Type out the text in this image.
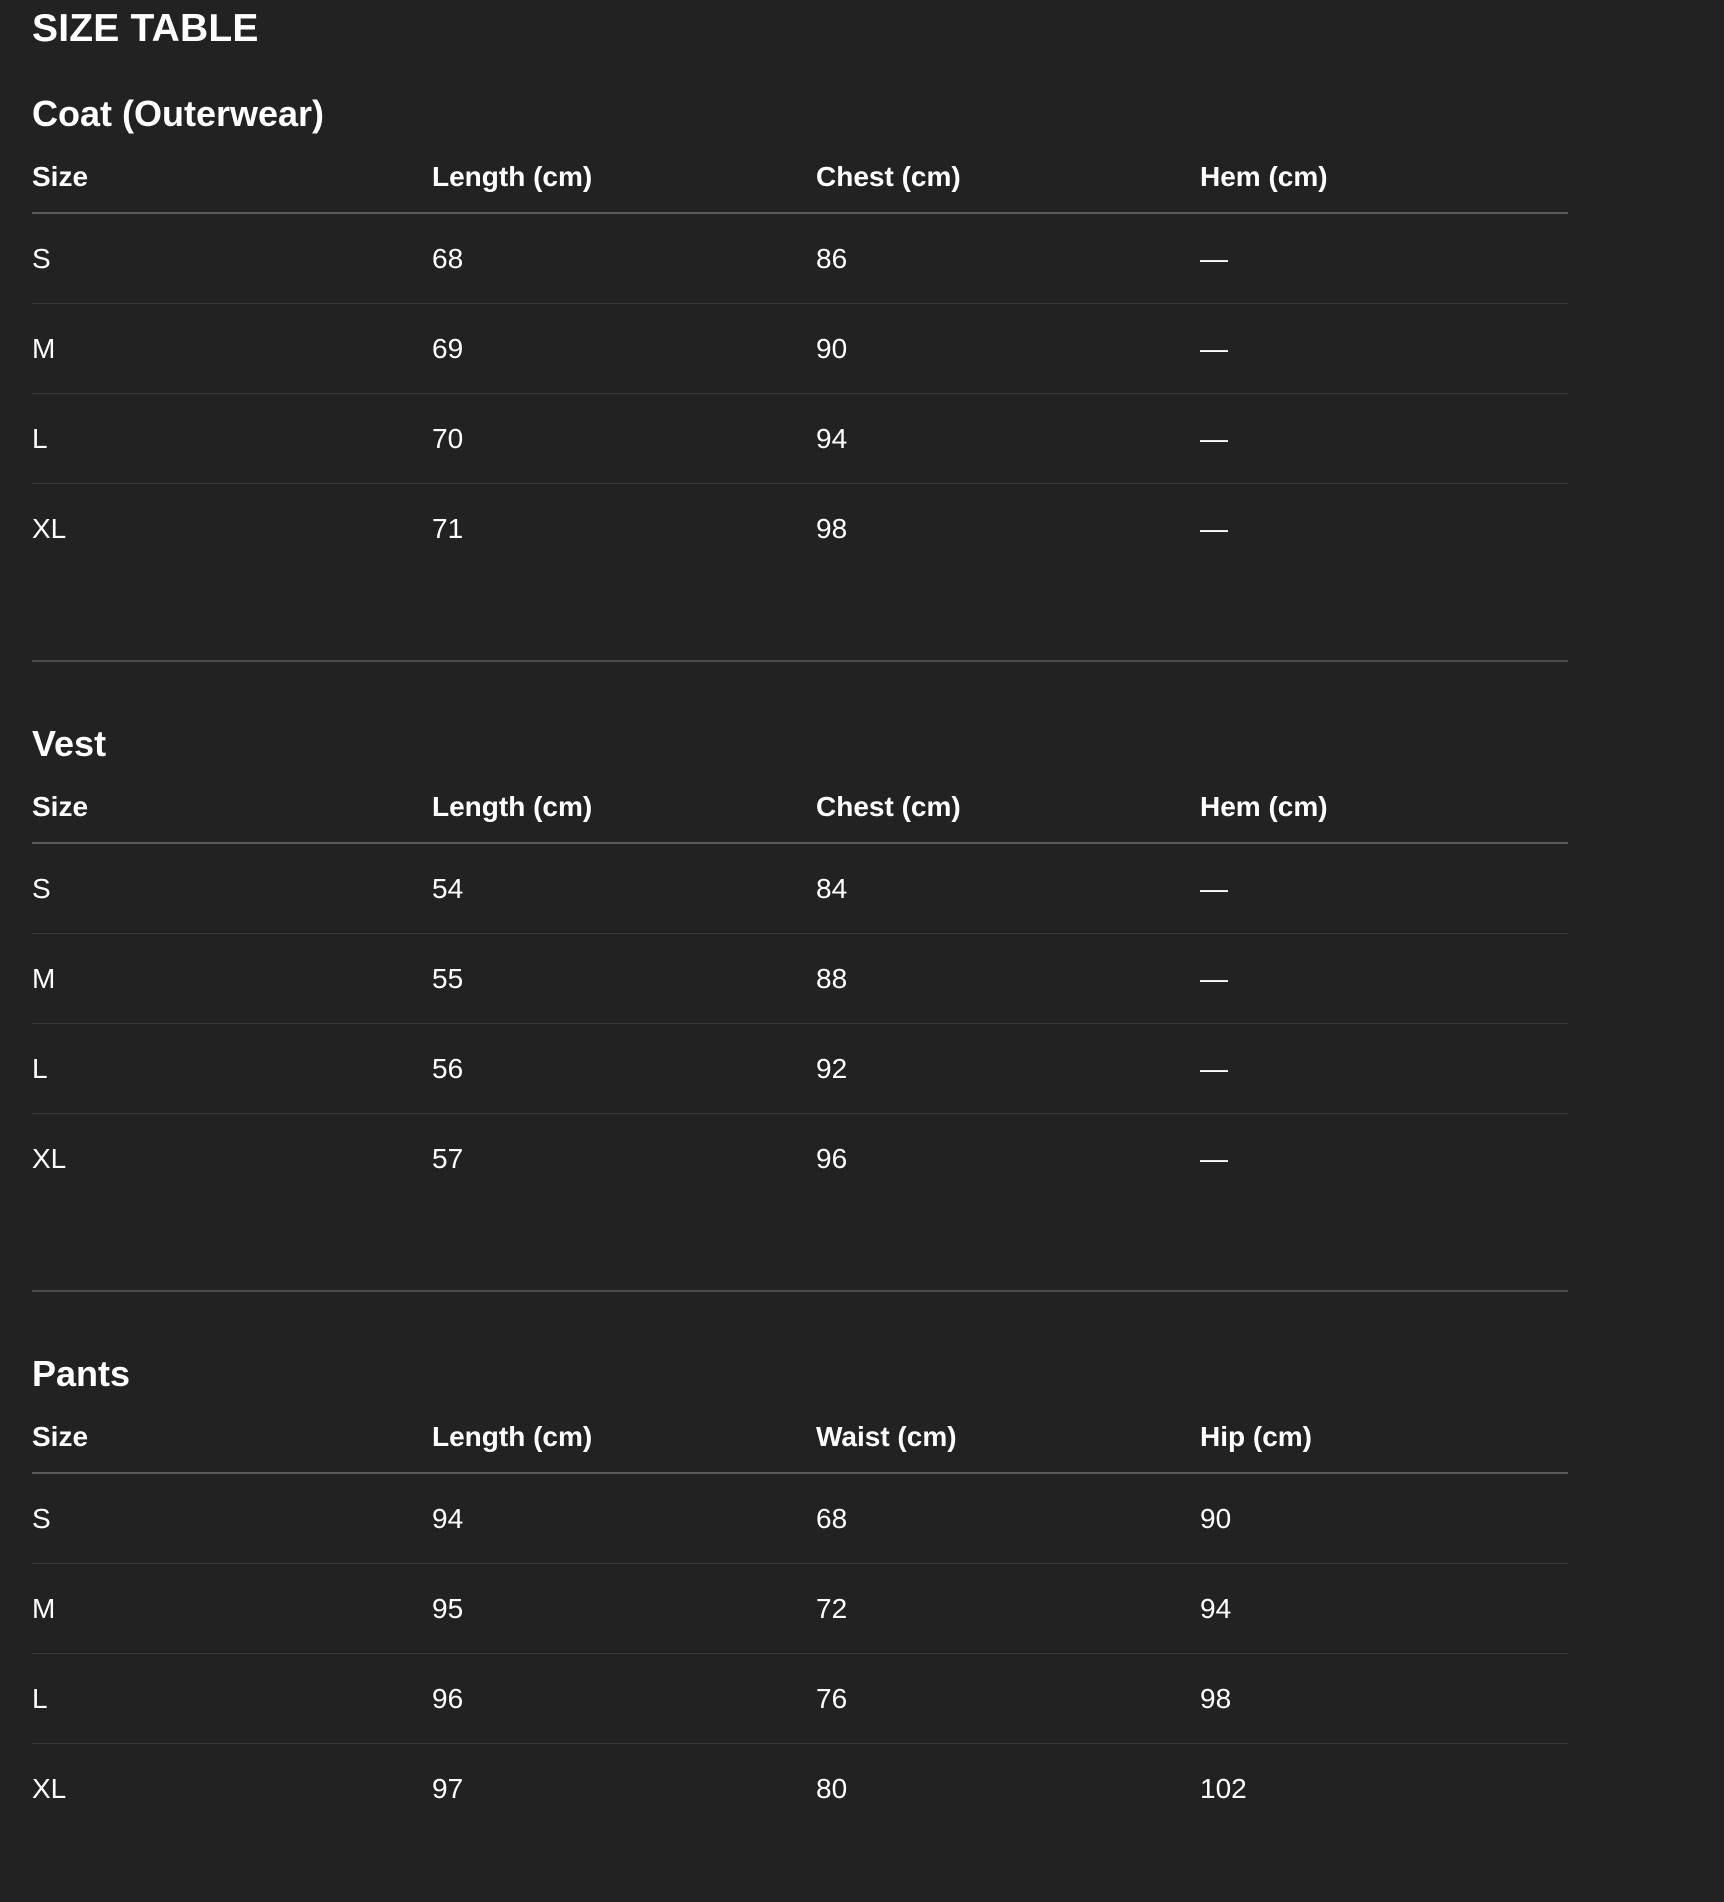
SIZE TABLE
Coat (Outerwear)
Size	Length (cm)	Chest (cm)	Hem (cm)
S	68	86	—
M	69	90	—
L	70	94	—
XL	71	98	—
Vest
Size	Length (cm)	Chest (cm)	Hem (cm)
S	54	84	—
M	55	88	—
L	56	92	—
XL	57	96	—
Pants
Size	Length (cm)	Waist (cm)	Hip (cm)
S	94	68	90
M	95	72	94
L	96	76	98
XL	97	80	102
